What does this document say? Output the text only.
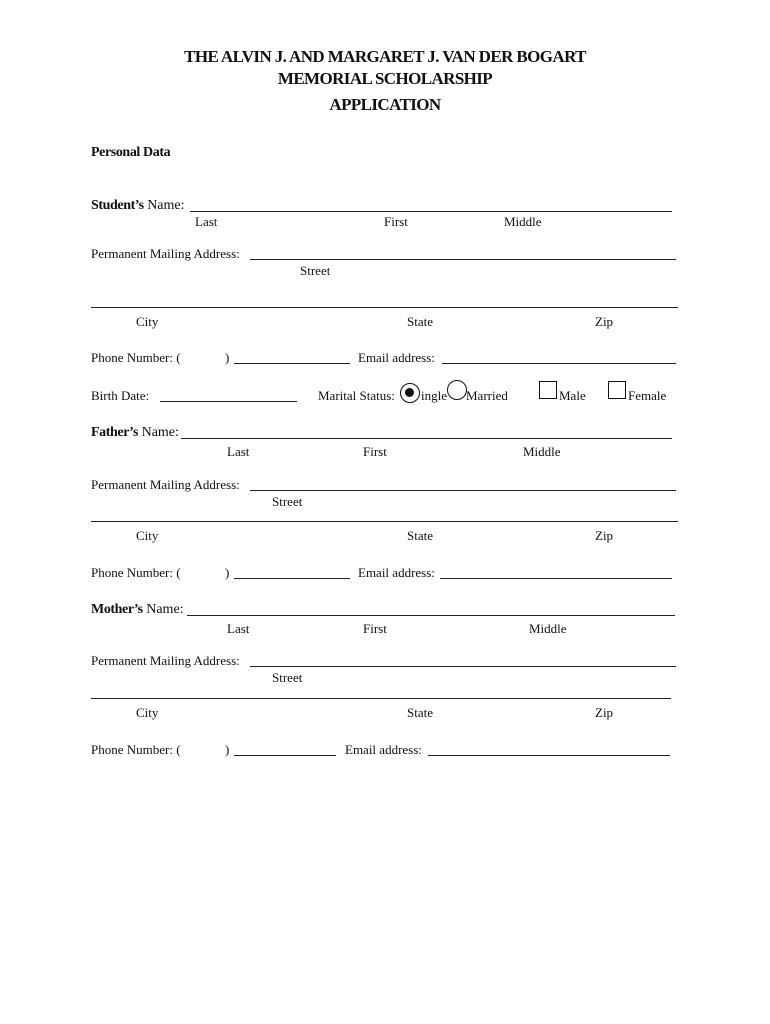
THE ALVIN J. AND MARGARET J. VAN DER BOGART
MEMORIAL SCHOLARSHIP
APPLICATION
Personal Data
Student’s Name:
Last	First	Middle
Permanent Mailing Address:
Street
City	State	Zip
Phone Number: (	)	Email address:
Birth Date:	Marital Status: ingle Married	Male	Female
Father’s Name:
Last	First	Middle
Permanent Mailing Address:
Street
City	State	Zip
Phone Number: (	)	Email address:
Mother’s Name:
Last	First	Middle
Permanent Mailing Address:
Street
City	State	Zip
Phone Number: (	)	Email address:
